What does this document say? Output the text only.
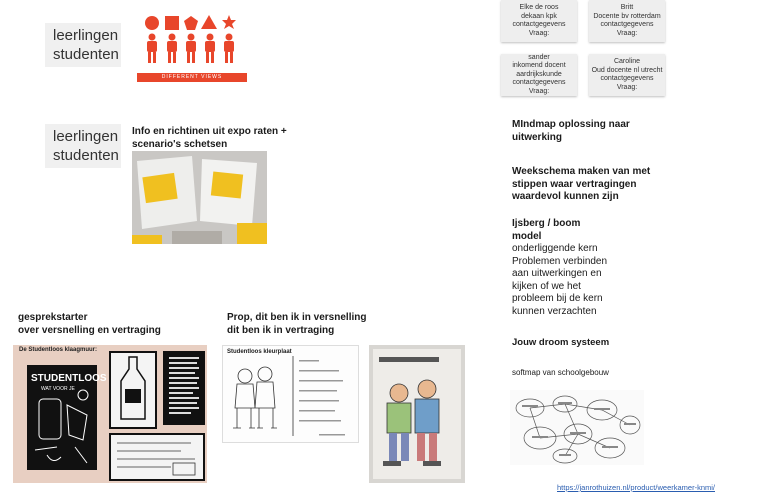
leerlingen
studenten
DIFFERENT VIEWS
Elke de roos
dekaan kpk
contactgegevens
Vraag:
Britt
Docente bv rotterdam
contactgegevens
Vraag:
sander
inkomend docent
aardrijkskunde
contactgegevens
Vraag:
Caroline
Oud docente nl utrecht
contactgegevens
Vraag:
leerlingen
studenten
Info en richtinen uit expo raten +
scenario's schetsen
MIndmap oplossing naar
uitwerking
Weekschema maken van met
stippen waar vertragingen
waardevol kunnen zijn
Ijsberg / boom
model
onderliggende kern
Problemen verbinden
aan uitwerkingen en
kijken of we het
probleem bij de kern
kunnen verzachten
Jouw droom systeem
softmap van schoolgebouw
https://janrothuizen.nl/product/weerkamer-knmi/
gesprekstarter
over versnelling en vertraging
Prop, dit ben ik in versnelling
dit ben ik in vertraging
De Studentloos klaagmuur:
STUDENTLOOS
WAT VOOR JE
Studentloos kleurplaat
